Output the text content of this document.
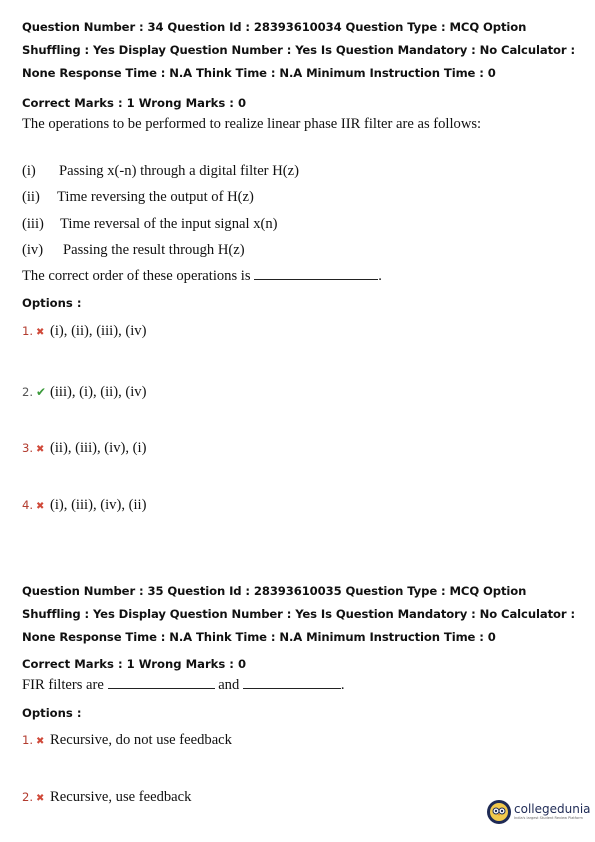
Question Number : 34 Question Id : 28393610034 Question Type : MCQ Option Shuffling : Yes Display Question Number : Yes Is Question Mandatory : No Calculator : None Response Time : N.A Think Time : N.A Minimum Instruction Time : 0
Correct Marks : 1 Wrong Marks : 0
The operations to be performed to realize linear phase IIR filter are as follows:
(i) Passing x(-n) through a digital filter H(z)
(ii) Time reversing the output of H(z)
(iii) Time reversal of the input signal x(n)
(iv) Passing the result through H(z)
The correct order of these operations is	.
Options :
1. ✖ (i), (ii), (iii), (iv)
2. ✔ (iii), (i), (ii), (iv)
3. ✖ (ii), (iii), (iv), (i)
4. ✖ (i), (iii), (iv), (ii)
Question Number : 35 Question Id : 28393610035 Question Type : MCQ Option Shuffling : Yes Display Question Number : Yes Is Question Mandatory : No Calculator : None Response Time : N.A Think Time : N.A Minimum Instruction Time : 0
Correct Marks : 1 Wrong Marks : 0
FIR filters are	and	.
Options :
1. ✖ Recursive, do not use feedback
2. ✖ Recursive, use feedback
collegedunia
India's largest Student Review Platform
